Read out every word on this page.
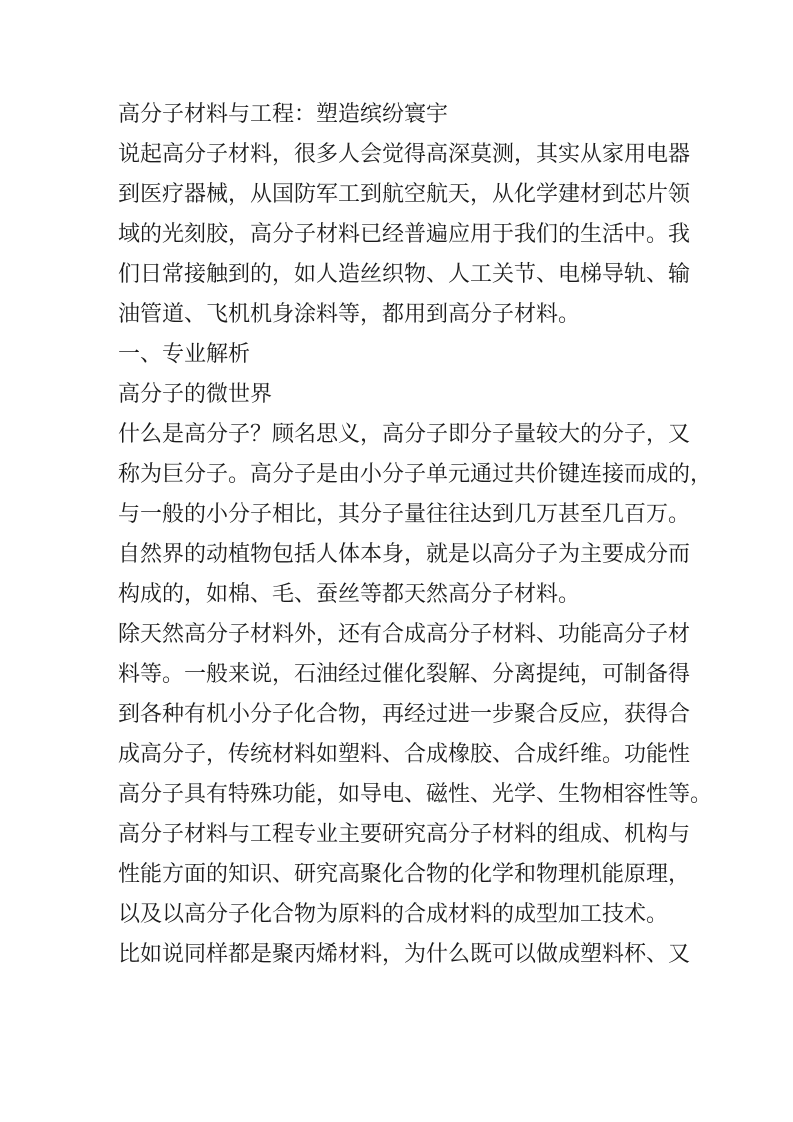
高分子材料与工程：塑造缤纷寰宇
说起高分子材料，很多人会觉得高深莫测，其实从家用电器
到医疗器械，从国防军工到航空航天，从化学建材到芯片领
域的光刻胶，高分子材料已经普遍应用于我们的生活中。我
们日常接触到的，如人造丝织物、人工关节、电梯导轨、输
油管道、飞机机身涂料等，都用到高分子材料。
一、专业解析
高分子的微世界
什么是高分子？顾名思义，高分子即分子量较大的分子，又
称为巨分子。高分子是由小分子单元通过共价键连接而成的，
与一般的小分子相比，其分子量往往达到几万甚至几百万。
自然界的动植物包括人体本身，就是以高分子为主要成分而
构成的，如棉、毛、蚕丝等都天然高分子材料。
除天然高分子材料外，还有合成高分子材料、功能高分子材
料等。一般来说，石油经过催化裂解、分离提纯，可制备得
到各种有机小分子化合物，再经过进一步聚合反应，获得合
成高分子，传统材料如塑料、合成橡胶、合成纤维。功能性
高分子具有特殊功能，如导电、磁性、光学、生物相容性等。
高分子材料与工程专业主要研究高分子材料的组成、机构与
性能方面的知识、研究高聚化合物的化学和物理机能原理，
以及以高分子化合物为原料的合成材料的成型加工技术。
比如说同样都是聚丙烯材料，为什么既可以做成塑料杯、又
